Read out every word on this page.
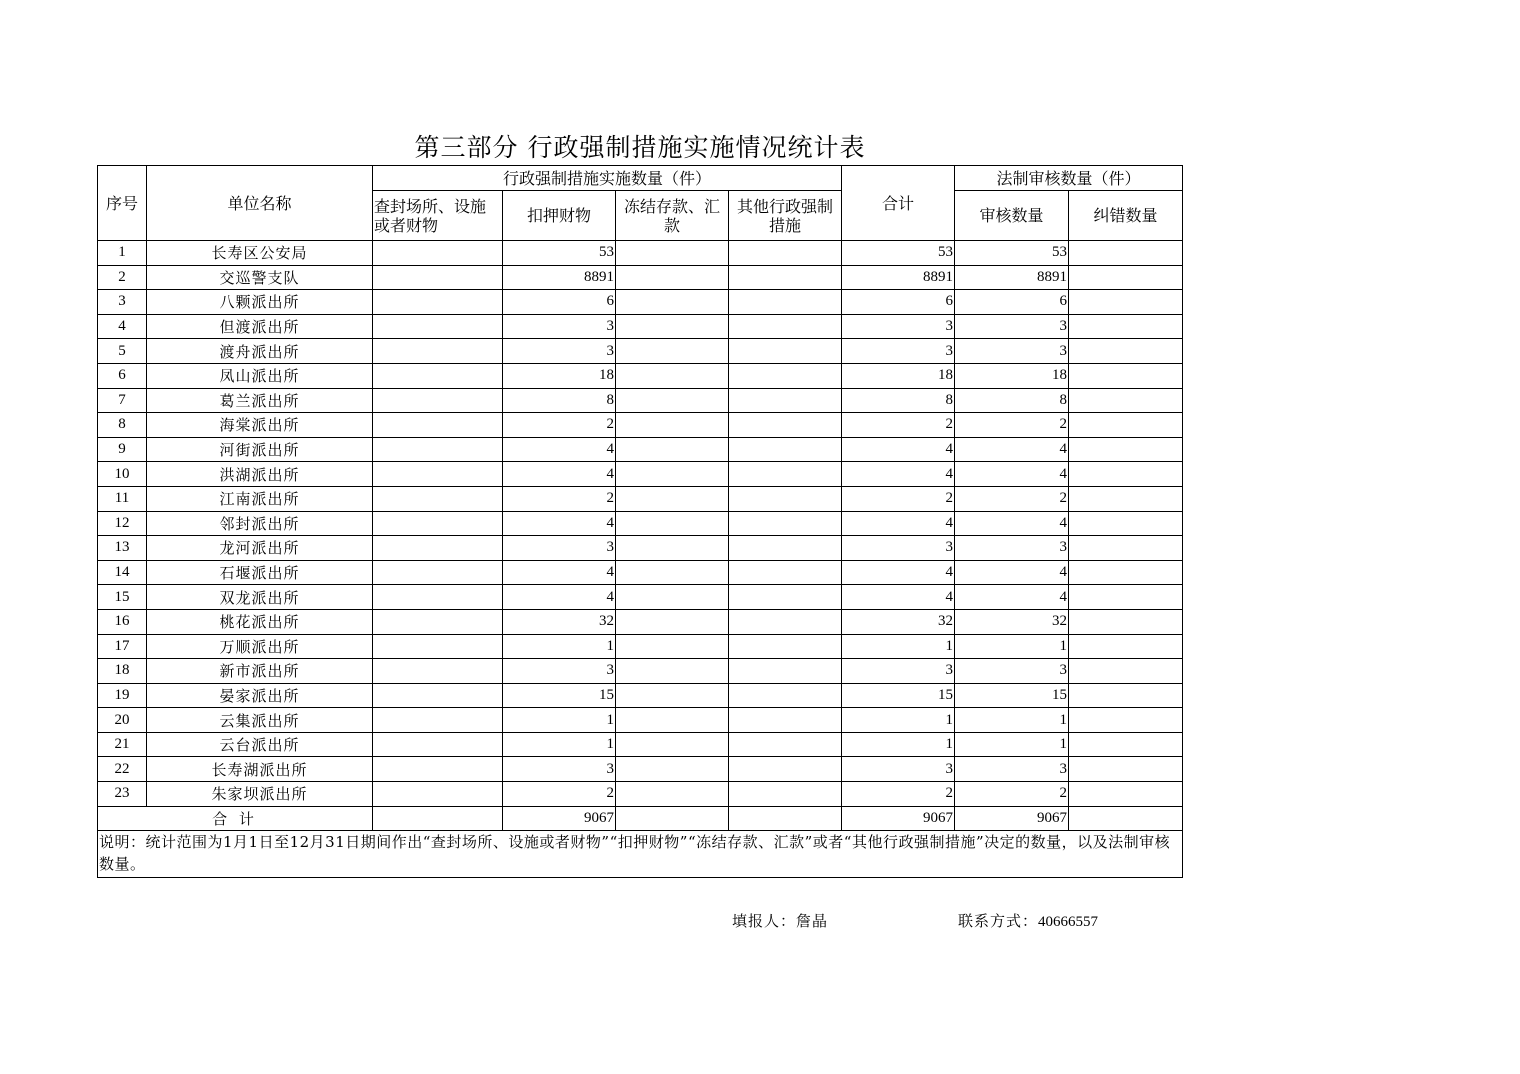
第三部分 行政强制措施实施情况统计表
序号	单位名称	行政强制措施实施数量（件）				合计	法制审核数量（件）	
		查封场所、设施或者财物	扣押财物	冻结存款、汇款	其他行政强制措施		审核数量	纠错数量
1	长寿区公安局		53			53	53	
2	交巡警支队		8891			8891	8891	
3	八颗派出所		6			6	6	
4	但渡派出所		3			3	3	
5	渡舟派出所		3			3	3	
6	凤山派出所		18			18	18	
7	葛兰派出所		8			8	8	
8	海棠派出所		2			2	2	
9	河街派出所		4			4	4	
10	洪湖派出所		4			4	4	
11	江南派出所		2			2	2	
12	邻封派出所		4			4	4	
13	龙河派出所		3			3	3	
14	石堰派出所		4			4	4	
15	双龙派出所		4			4	4	
16	桃花派出所		32			32	32	
17	万顺派出所		1			1	1	
18	新市派出所		3			3	3	
19	晏家派出所		15			15	15	
20	云集派出所		1			1	1	
21	云台派出所		1			1	1	
22	长寿湖派出所		3			3	3	
23	朱家坝派出所		2			2	2	
合 计			9067			9067	9067	
说明：统计范围为1月1日至12月31日期间作出“查封场所、设施或者财物”“扣押财物”“冻结存款、汇款”或者“其他行政强制措施”决定的数量，以及法制审核数量。								
填报人：詹晶	联系方式：40666557
